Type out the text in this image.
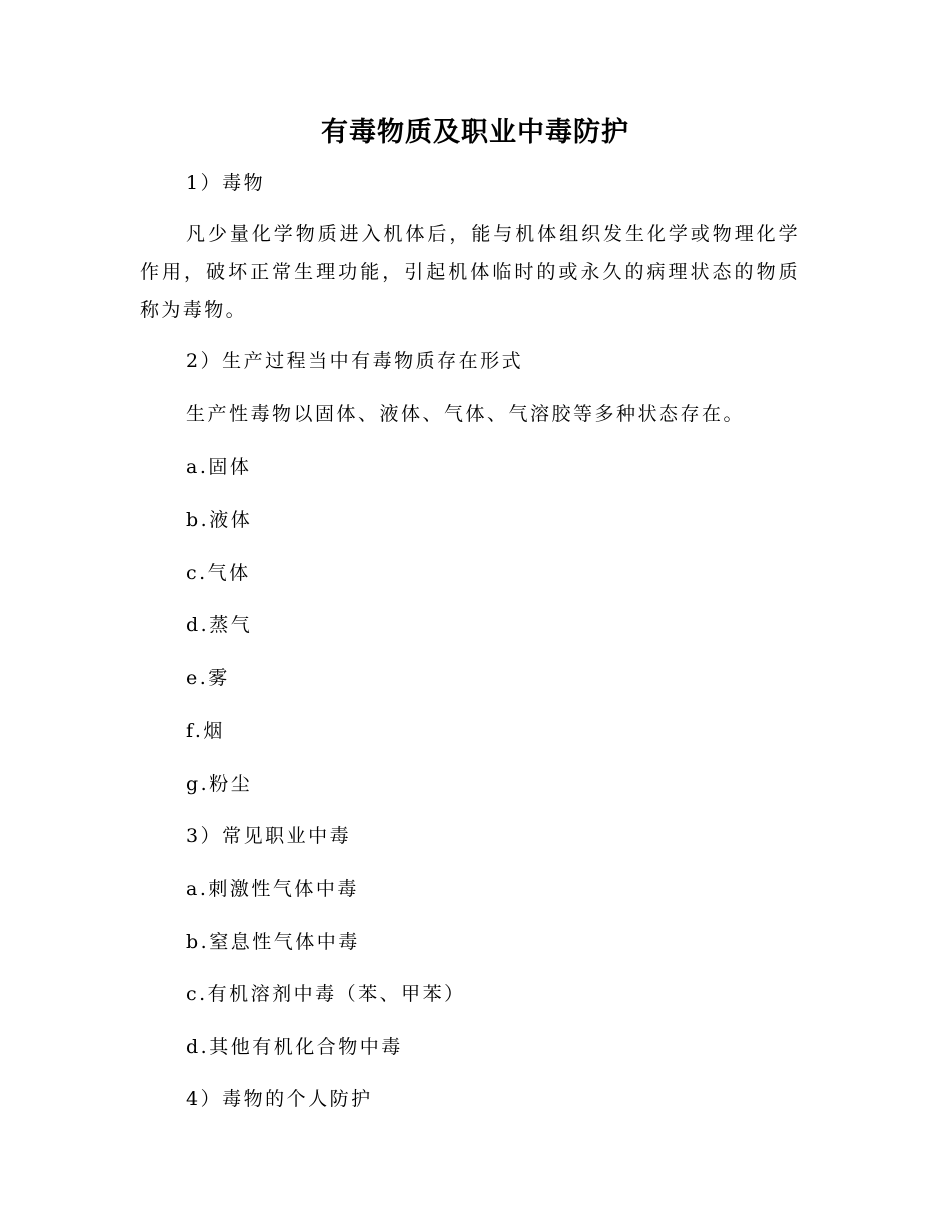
有毒物质及职业中毒防护
1）毒物
凡少量化学物质进入机体后，能与机体组织发生化学或物理化学作用，破坏正常生理功能，引起机体临时的或永久的病理状态的物质称为毒物。
2）生产过程当中有毒物质存在形式
生产性毒物以固体、液体、气体、气溶胶等多种状态存在。
a.固体
b.液体
c.气体
d.蒸气
e.雾
f.烟
g.粉尘
3）常见职业中毒
a.刺激性气体中毒
b.窒息性气体中毒
c.有机溶剂中毒（苯、甲苯）
d.其他有机化合物中毒
4）毒物的个人防护
